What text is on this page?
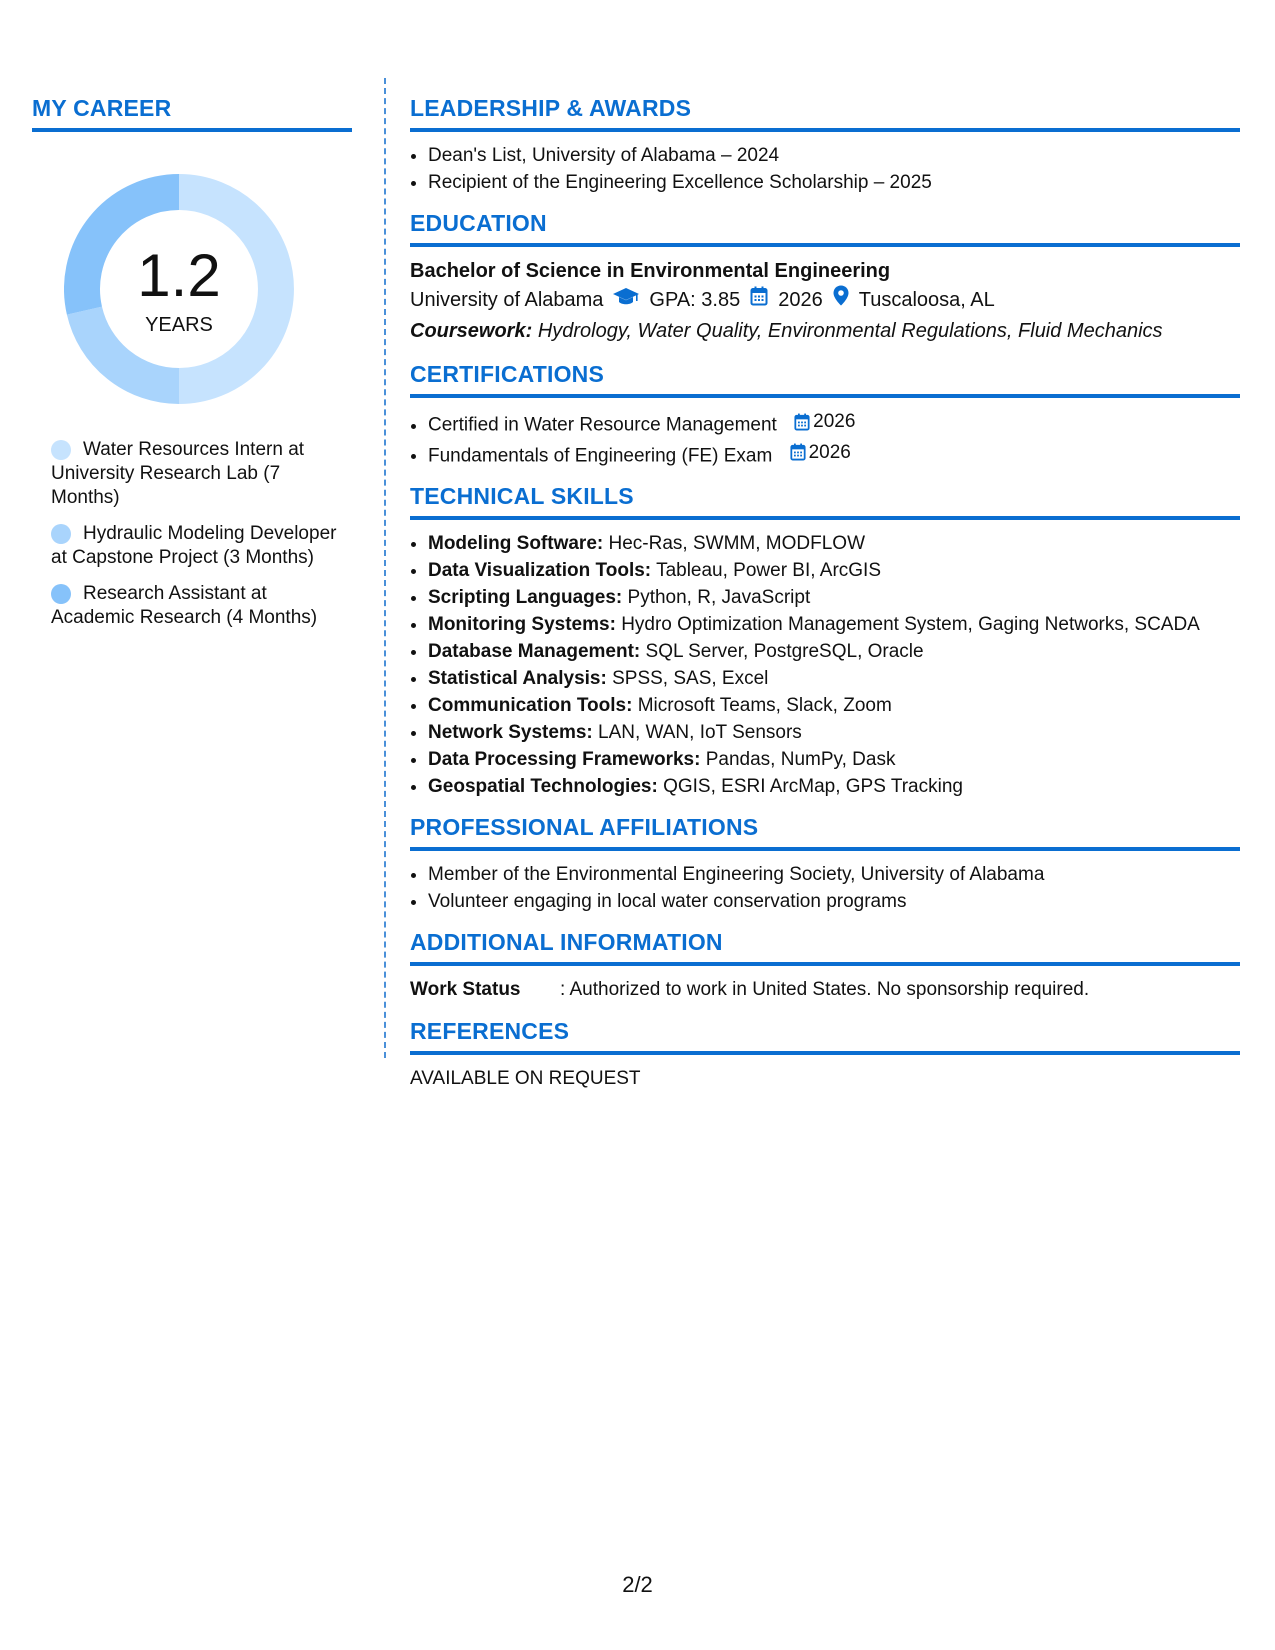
MY CAREER
1.2
YEARS
Water Resources Intern at University Research Lab (7 Months)
Hydraulic Modeling Developer at Capstone Project (3 Months)
Research Assistant at Academic Research (4 Months)
LEADERSHIP & AWARDS
• Dean's List, University of Alabama – 2024
• Recipient of the Engineering Excellence Scholarship – 2025
EDUCATION
Bachelor of Science in Environmental Engineering
University of Alabama GPA: 3.85 2026 Tuscaloosa, AL
Coursework: Hydrology, Water Quality, Environmental Regulations, Fluid Mechanics
CERTIFICATIONS
• Certified in Water Resource Management 2026
• Fundamentals of Engineering (FE) Exam 2026
TECHNICAL SKILLS
• Modeling Software: Hec-Ras, SWMM, MODFLOW
• Data Visualization Tools: Tableau, Power BI, ArcGIS
• Scripting Languages: Python, R, JavaScript
• Monitoring Systems: Hydro Optimization Management System, Gaging Networks, SCADA
• Database Management: SQL Server, PostgreSQL, Oracle
• Statistical Analysis: SPSS, SAS, Excel
• Communication Tools: Microsoft Teams, Slack, Zoom
• Network Systems: LAN, WAN, IoT Sensors
• Data Processing Frameworks: Pandas, NumPy, Dask
• Geospatial Technologies: QGIS, ESRI ArcMap, GPS Tracking
PROFESSIONAL AFFILIATIONS
• Member of the Environmental Engineering Society, University of Alabama
• Volunteer engaging in local water conservation programs
ADDITIONAL INFORMATION
Work Status	: Authorized to work in United States. No sponsorship required.
REFERENCES
AVAILABLE ON REQUEST
2/2
